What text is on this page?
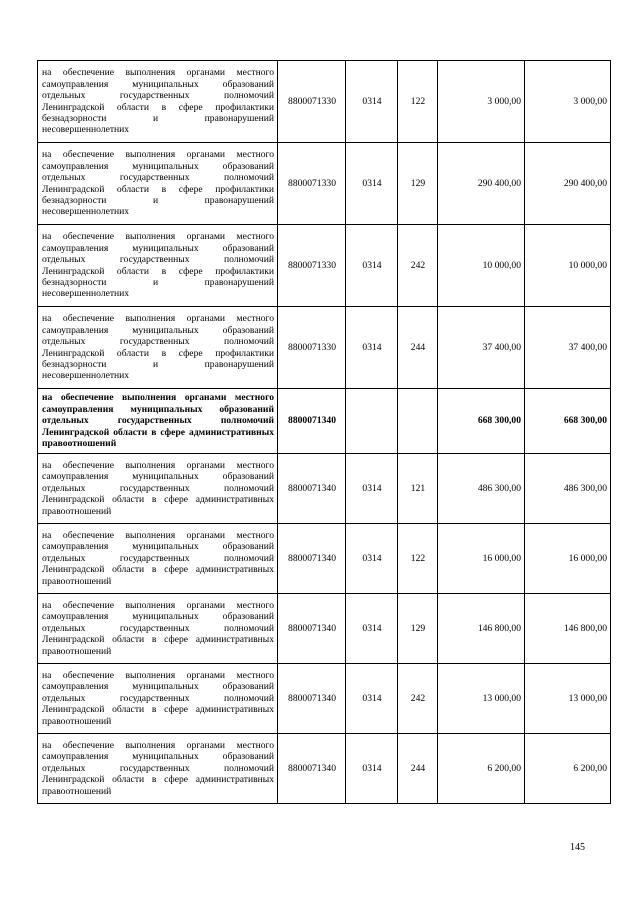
на обеспечение выполнения органами местного самоуправления муниципальных образований отдельных государственных полномочий Ленинградской области в сфере профилактики безнадзорности и правонарушений несовершеннолетних	8800071330	0314	122	3 000,00	3 000,00
на обеспечение выполнения органами местного самоуправления муниципальных образований отдельных государственных полномочий Ленинградской области в сфере профилактики безнадзорности и правонарушений несовершеннолетних	8800071330	0314	129	290 400,00	290 400,00
на обеспечение выполнения органами местного самоуправления муниципальных образований отдельных государственных полномочий Ленинградской области в сфере профилактики безнадзорности и правонарушений несовершеннолетних	8800071330	0314	242	10 000,00	10 000,00
на обеспечение выполнения органами местного самоуправления муниципальных образований отдельных государственных полномочий Ленинградской области в сфере профилактики безнадзорности и правонарушений несовершеннолетних	8800071330	0314	244	37 400,00	37 400,00
на обеспечение выполнения органами местного самоуправления муниципальных образований отдельных государственных полномочий Ленинградской области в сфере административных правоотношений	8800071340			668 300,00	668 300,00
на обеспечение выполнения органами местного самоуправления муниципальных образований отдельных государственных полномочий Ленинградской области в сфере административных правоотношений	8800071340	0314	121	486 300,00	486 300,00
на обеспечение выполнения органами местного самоуправления муниципальных образований отдельных государственных полномочий Ленинградской области в сфере административных правоотношений	8800071340	0314	122	16 000,00	16 000,00
на обеспечение выполнения органами местного самоуправления муниципальных образований отдельных государственных полномочий Ленинградской области в сфере административных правоотношений	8800071340	0314	129	146 800,00	146 800,00
на обеспечение выполнения органами местного самоуправления муниципальных образований отдельных государственных полномочий Ленинградской области в сфере административных правоотношений	8800071340	0314	242	13 000,00	13 000,00
на обеспечение выполнения органами местного самоуправления муниципальных образований отдельных государственных полномочий Ленинградской области в сфере административных правоотношений	8800071340	0314	244	6 200,00	6 200,00
145
